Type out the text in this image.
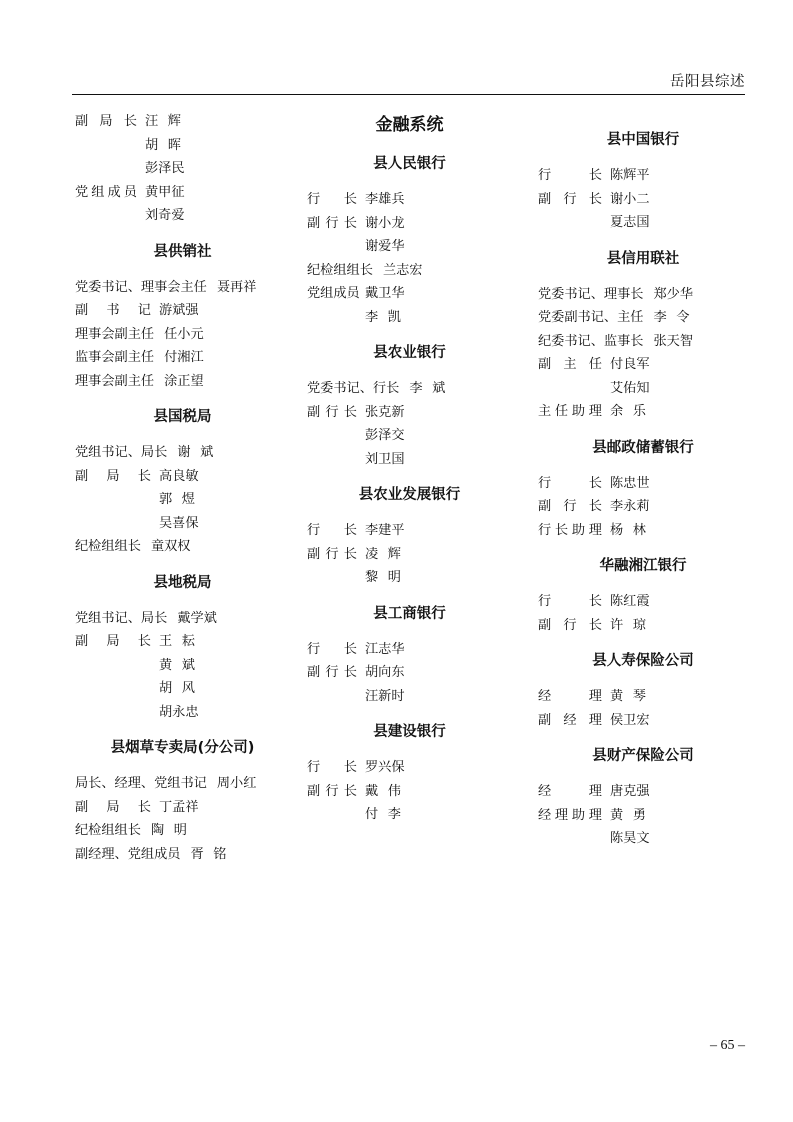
岳阳县综述
副局长 汪辉
胡晖
彭泽民
党组成员 黄甲征
刘奇爱
县供销社
党委书记、理事会主任 聂再祥
副书记 游斌强
理事会副主任 任小元
监事会副主任 付湘江
理事会副主任 涂正望
县国税局
党组书记、局长 谢斌
副局长 高良敏
郭煜
吴喜保
纪检组组长 童双权
县地税局
党组书记、局长 戴学斌
副局长 王耘
黄斌
胡风
胡永忠
县烟草专卖局(分公司)
局长、经理、党组书记 周小红
副局长 丁孟祥
纪检组组长 陶明
副经理、党组成员 胥铭
金融系统
县人民银行
行长 李雄兵
副行长 谢小龙
谢爱华
纪检组组长 兰志宏
党组成员 戴卫华
李凯
县农业银行
党委书记、行长 李斌
副行长 张克新
彭泽交
刘卫国
县农业发展银行
行长 李建平
副行长 凌辉
黎明
县工商银行
行长 江志华
副行长 胡向东
汪新时
县建设银行
行长 罗兴保
副行长 戴伟
付李
县中国银行
行长 陈辉平
副行长 谢小二
夏志国
县信用联社
党委书记、理事长 郑少华
党委副书记、主任 李令
纪委书记、监事长 张天智
副主任 付良军
艾佑知
主任助理 余乐
县邮政储蓄银行
行长 陈忠世
副行长 李永莉
行长助理 杨林
华融湘江银行
行长 陈红霞
副行长 许琼
县人寿保险公司
经理 黄琴
副经理 侯卫宏
县财产保险公司
经理 唐克强
经理助理 黄勇
陈昊文
– 65 –
